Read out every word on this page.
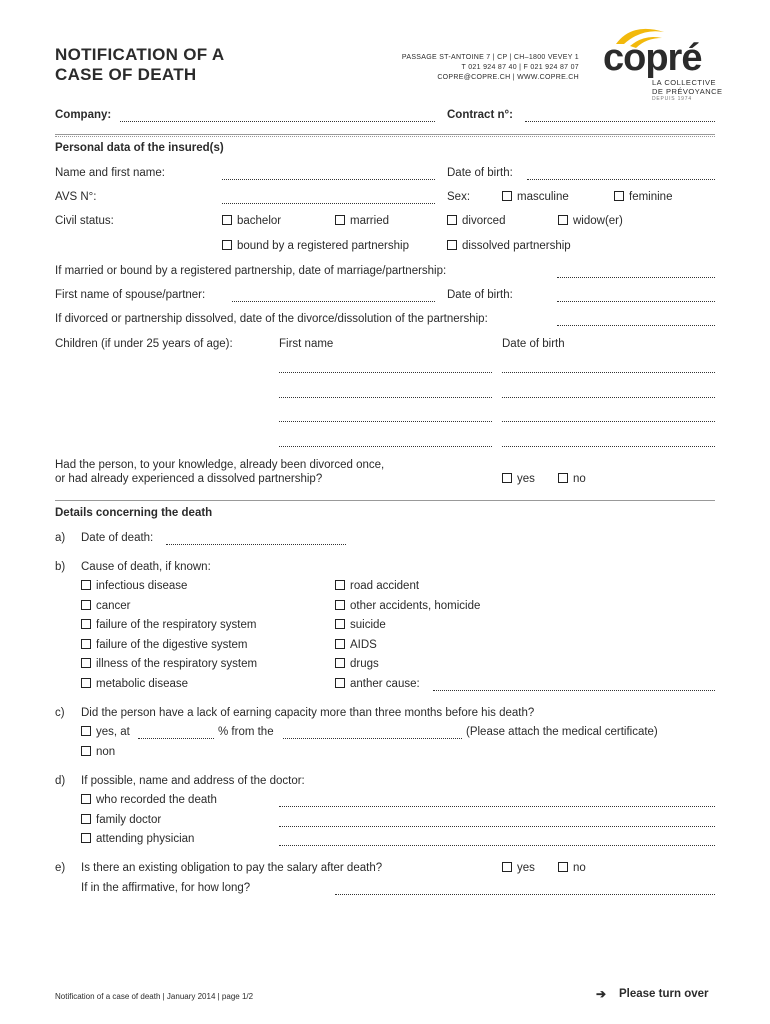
NOTIFICATION OF A
CASE OF DEATH
PASSAGE ST-ANTOINE 7 | CP | CH–1800 VEVEY 1
T 021 924 87 40 | F 021 924 87 07
COPRE@COPRE.CH | WWW.COPRE.CH copré
LA COLLECTIVE
DE PRÉVOYANCE
DEPUIS 1974
Company:	Contract n°:
Personal data of the insured(s)
Name and first name:	Date of birth:
AVS N°:	Sex:	masculine	feminine
Civil status:	bachelor	married	divorced	widow(er)
bound by a registered partnership	dissolved partnership
If married or bound by a registered partnership, date of marriage/partnership:
First name of spouse/partner:	Date of birth:
If divorced or partnership dissolved, date of the divorce/dissolution of the partnership:
Children (if under 25 years of age):	First name	Date of birth
Had the person, to your knowledge, already been divorced once,
or had already experienced a dissolved partnership?	yes	no
Details concerning the death
a) Date of death:
b) Cause of death, if known:
infectious disease
cancer
failure of the respiratory system
failure of the digestive system
illness of the respiratory system
metabolic disease
road accident
other accidents, homicide
suicide
AIDS
drugs
anther cause:
c) Did the person have a lack of earning capacity more than three months before his death?
yes, at	% from the	(Please attach the medical certificate)
non
d) If possible, name and address of the doctor:
who recorded the death
family doctor
attending physician
e) Is there an existing obligation to pay the salary after death?	yes	no
If in the affirmative, for how long?
Notification of a case of death | January 2014 | page 1/2	➔ Please turn over
